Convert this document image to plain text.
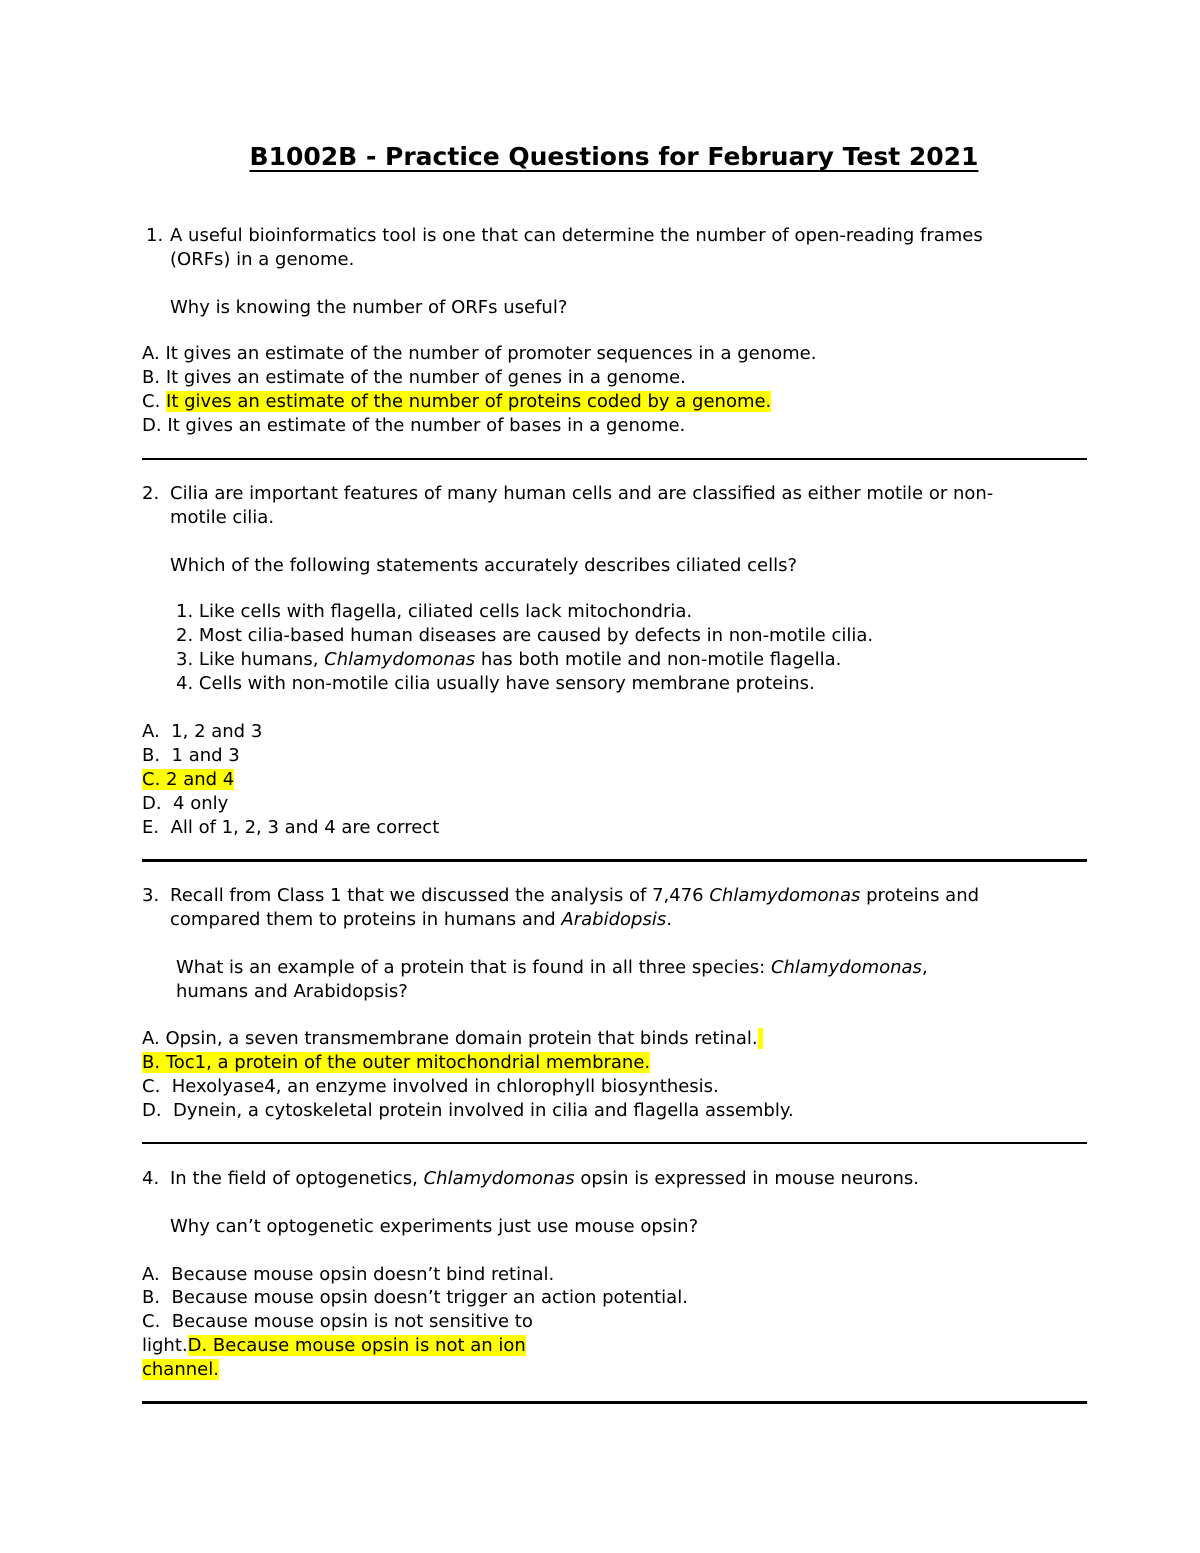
B1002B - Practice Questions for February Test 2021
1. A useful bioinformatics tool is one that can determine the number of open-reading frames
(ORFs) in a genome.
Why is knowing the number of ORFs useful?
A. It gives an estimate of the number of promoter sequences in a genome.
B. It gives an estimate of the number of genes in a genome.
C. It gives an estimate of the number of proteins coded by a genome.
D. It gives an estimate of the number of bases in a genome.
2. Cilia are important features of many human cells and are classified as either motile or non-
motile cilia.
Which of the following statements accurately describes ciliated cells?
1. Like cells with flagella, ciliated cells lack mitochondria.
2. Most cilia-based human diseases are caused by defects in non-motile cilia.
3. Like humans, Chlamydomonas has both motile and non-motile flagella.
4. Cells with non-motile cilia usually have sensory membrane proteins.
A. 1, 2 and 3
B. 1 and 3
C. 2 and 4
D. 4 only
E. All of 1, 2, 3 and 4 are correct
3. Recall from Class 1 that we discussed the analysis of 7,476 Chlamydomonas proteins and
compared them to proteins in humans and Arabidopsis.
What is an example of a protein that is found in all three species: Chlamydomonas,
humans and Arabidopsis?
A. Opsin, a seven transmembrane domain protein that binds retinal.
B. Toc1, a protein of the outer mitochondrial membrane.
C. Hexolyase4, an enzyme involved in chlorophyll biosynthesis.
D. Dynein, a cytoskeletal protein involved in cilia and flagella assembly.
4. In the field of optogenetics, Chlamydomonas opsin is expressed in mouse neurons.
Why can’t optogenetic experiments just use mouse opsin?
A. Because mouse opsin doesn’t bind retinal.
B. Because mouse opsin doesn’t trigger an action potential.
C. Because mouse opsin is not sensitive to
light.D. Because mouse opsin is not an ion
channel.
